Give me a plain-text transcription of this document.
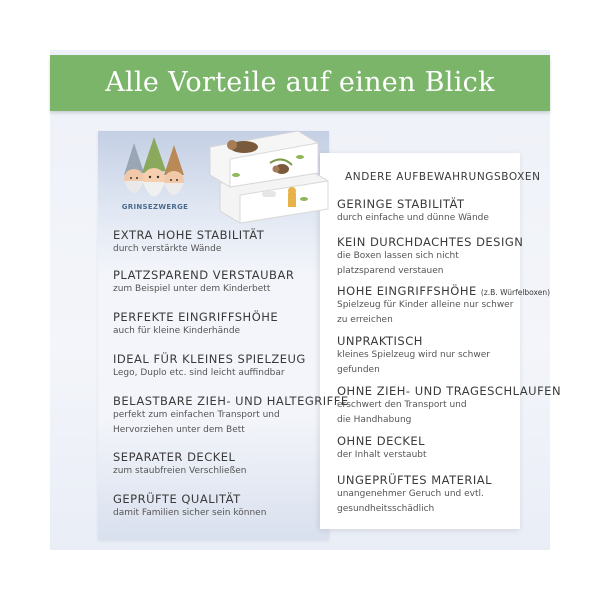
Alle Vorteile auf einen Blick
GRINSEZWERGE
EXTRA HOHE STABILITÄT
durch verstärkte Wände
PLATZSPAREND VERSTAUBAR
zum Beispiel unter dem Kinderbett
PERFEKTE EINGRIFFSHÖHE
auch für kleine Kinderhände
IDEAL FÜR KLEINES SPIELZEUG
Lego, Duplo etc. sind leicht auffindbar
BELASTBARE ZIEH- UND HALTEGRIFFE
perfekt zum einfachen Transport und
Hervorziehen unter dem Bett
SEPARATER DECKEL
zum staubfreien Verschließen
GEPRÜFTE QUALITÄT
damit Familien sicher sein können
ANDERE AUFBEWAHRUNGSBOXEN
GERINGE STABILITÄT
durch einfache und dünne Wände
KEIN DURCHDACHTES DESIGN
die Boxen lassen sich nicht
platzsparend verstauen
HOHE EINGRIFFSHÖHE (z.B. Würfelboxen)
Spielzeug für Kinder alleine nur schwer
zu erreichen
UNPRAKTISCH
kleines Spielzeug wird nur schwer
gefunden
OHNE ZIEH- UND TRAGESCHLAUFEN
erschwert den Transport und
die Handhabung
OHNE DECKEL
der Inhalt verstaubt
UNGEPRÜFTES MATERIAL
unangenehmer Geruch und evtl.
gesundheitsschädlich
